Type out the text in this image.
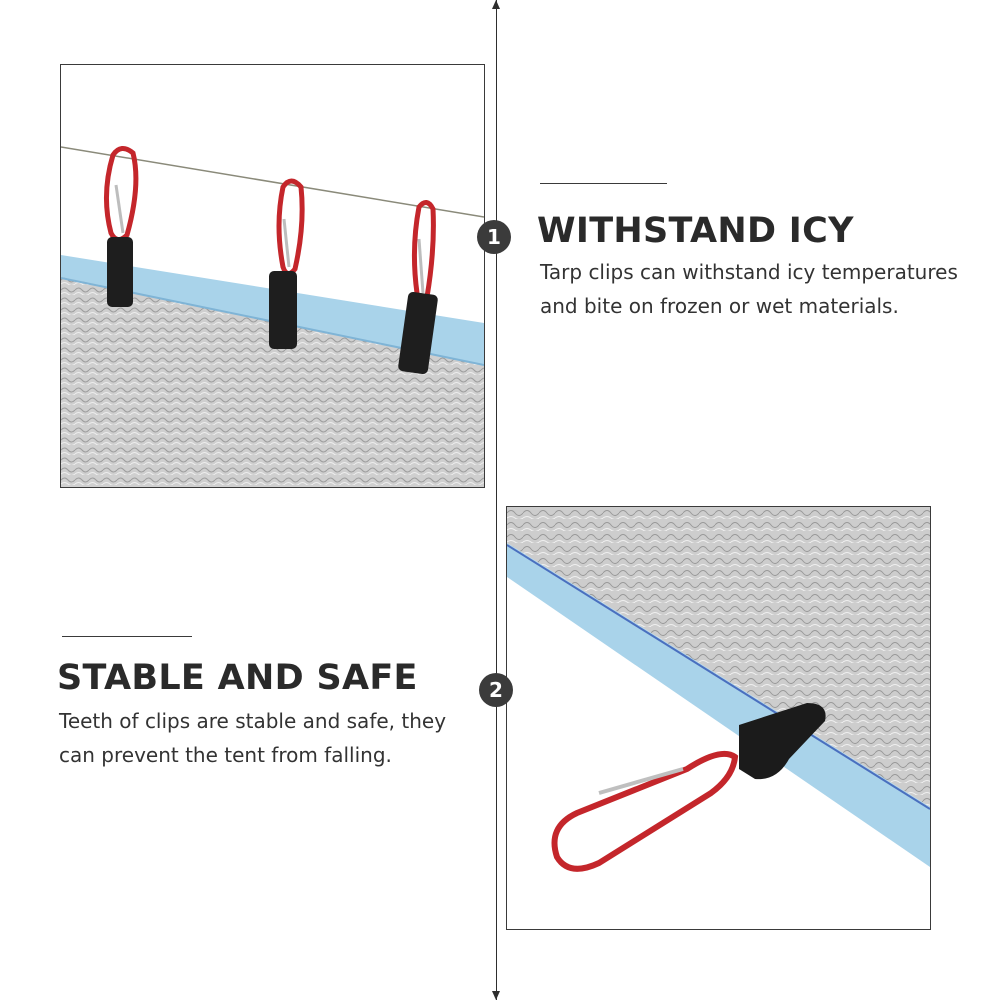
1
2
WITHSTAND ICY
Tarp clips can withstand icy temperatures
and bite on frozen or wet materials.
STABLE AND SAFE
Teeth of clips are stable and safe, they
can prevent the tent from falling.
